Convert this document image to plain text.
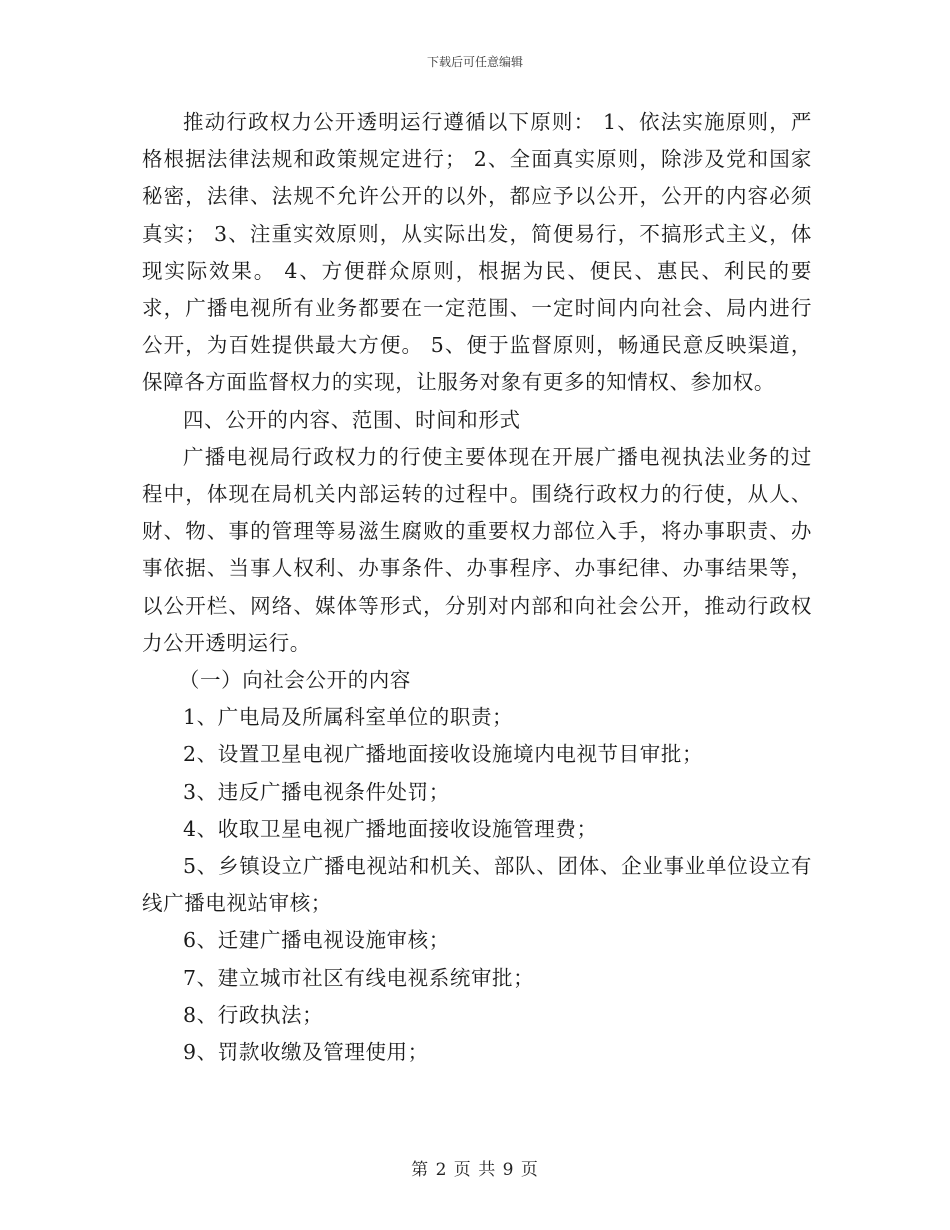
下载后可任意编辑

推动行政权力公开透明运行遵循以下原则： 1、依法实施原则，严格根据法律法规和政策规定进行； 2、全面真实原则，除涉及党和国家秘密，法律、法规不允许公开的以外，都应予以公开，公开的内容必须真实； 3、注重实效原则，从实际出发，简便易行，不搞形式主义，体现实际效果。 4、方便群众原则，根据为民、便民、惠民、利民的要求，广播电视所有业务都要在一定范围、一定时间内向社会、局内进行公开，为百姓提供最大方便。 5、便于监督原则，畅通民意反映渠道，保障各方面监督权力的实现，让服务对象有更多的知情权、参加权。

四、公开的内容、范围、时间和形式

广播电视局行政权力的行使主要体现在开展广播电视执法业务的过程中，体现在局机关内部运转的过程中。围绕行政权力的行使，从人、财、物、事的管理等易滋生腐败的重要权力部位入手，将办事职责、办事依据、当事人权利、办事条件、办事程序、办事纪律、办事结果等，以公开栏、网络、媒体等形式，分别对内部和向社会公开，推动行政权力公开透明运行。

（一）向社会公开的内容

1、广电局及所属科室单位的职责；

2、设置卫星电视广播地面接收设施境内电视节目审批；

3、违反广播电视条件处罚；

4、收取卫星电视广播地面接收设施管理费；

5、乡镇设立广播电视站和机关、部队、团体、企业事业单位设立有线广播电视站审核；

6、迁建广播电视设施审核；

7、建立城市社区有线电视系统审批；

8、行政执法；

9、罚款收缴及管理使用；

第 2 页 共 9 页
